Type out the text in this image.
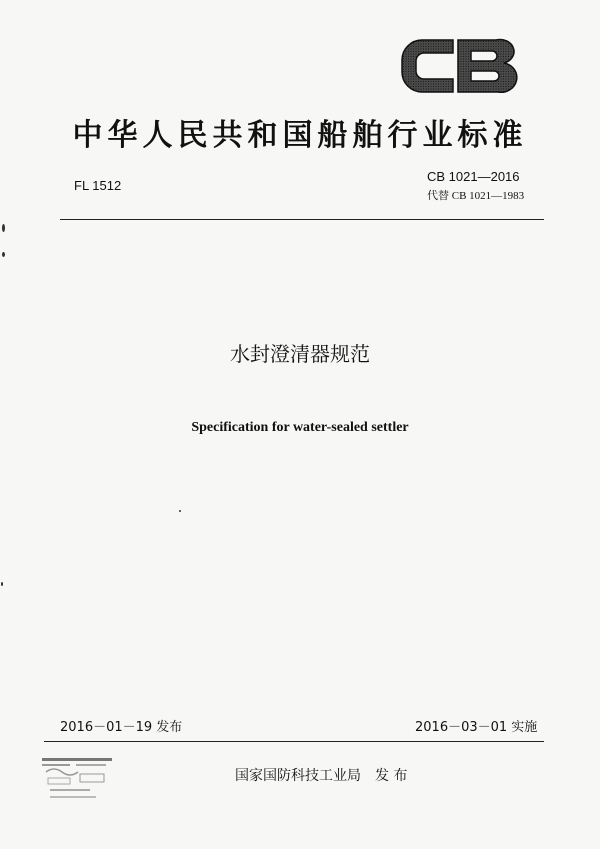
中华人民共和国船舶行业标准
FL 1512
CB 1021—2016
代替 CB 1021—1983
水封澄清器规范
Specification for water-sealed settler
2016－01－19 发布	2016－03－01 实施
国家国防科技工业局 发 布
